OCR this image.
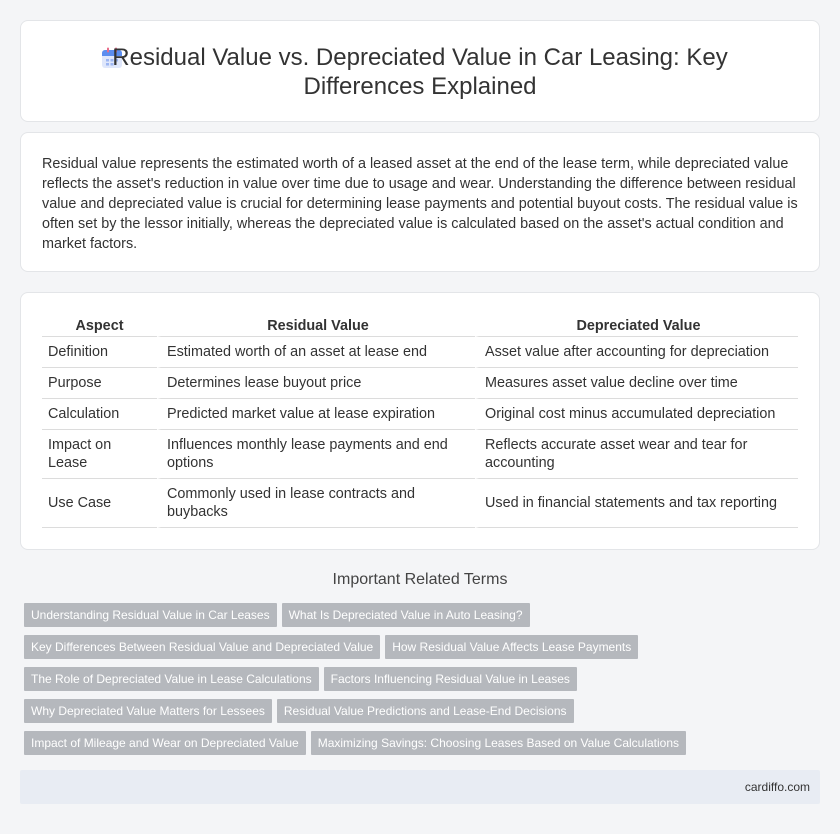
Residual Value vs. Depreciated Value in Car Leasing: Key Differences Explained

Residual value represents the estimated worth of a leased asset at the end of the lease term, while depreciated value reflects the asset's reduction in value over time due to usage and wear. Understanding the difference between residual value and depreciated value is crucial for determining lease payments and potential buyout costs. The residual value is often set by the lessor initially, whereas the depreciated value is calculated based on the asset's actual condition and market factors.

Aspect	Residual Value	Depreciated Value
Definition	Estimated worth of an asset at lease end	Asset value after accounting for depreciation
Purpose	Determines lease buyout price	Measures asset value decline over time
Calculation	Predicted market value at lease expiration	Original cost minus accumulated depreciation
Impact on Lease	Influences monthly lease payments and end options	Reflects accurate asset wear and tear for accounting
Use Case	Commonly used in lease contracts and buybacks	Used in financial statements and tax reporting
Important Related Terms
Understanding Residual Value in Car Leases What Is Depreciated Value in Auto Leasing?
Key Differences Between Residual Value and Depreciated Value How Residual Value Affects Lease Payments
The Role of Depreciated Value in Lease Calculations Factors Influencing Residual Value in Leases
Why Depreciated Value Matters for Lessees Residual Value Predictions and Lease-End Decisions
Impact of Mileage and Wear on Depreciated Value Maximizing Savings: Choosing Leases Based on Value Calculations
cardiffo.com
